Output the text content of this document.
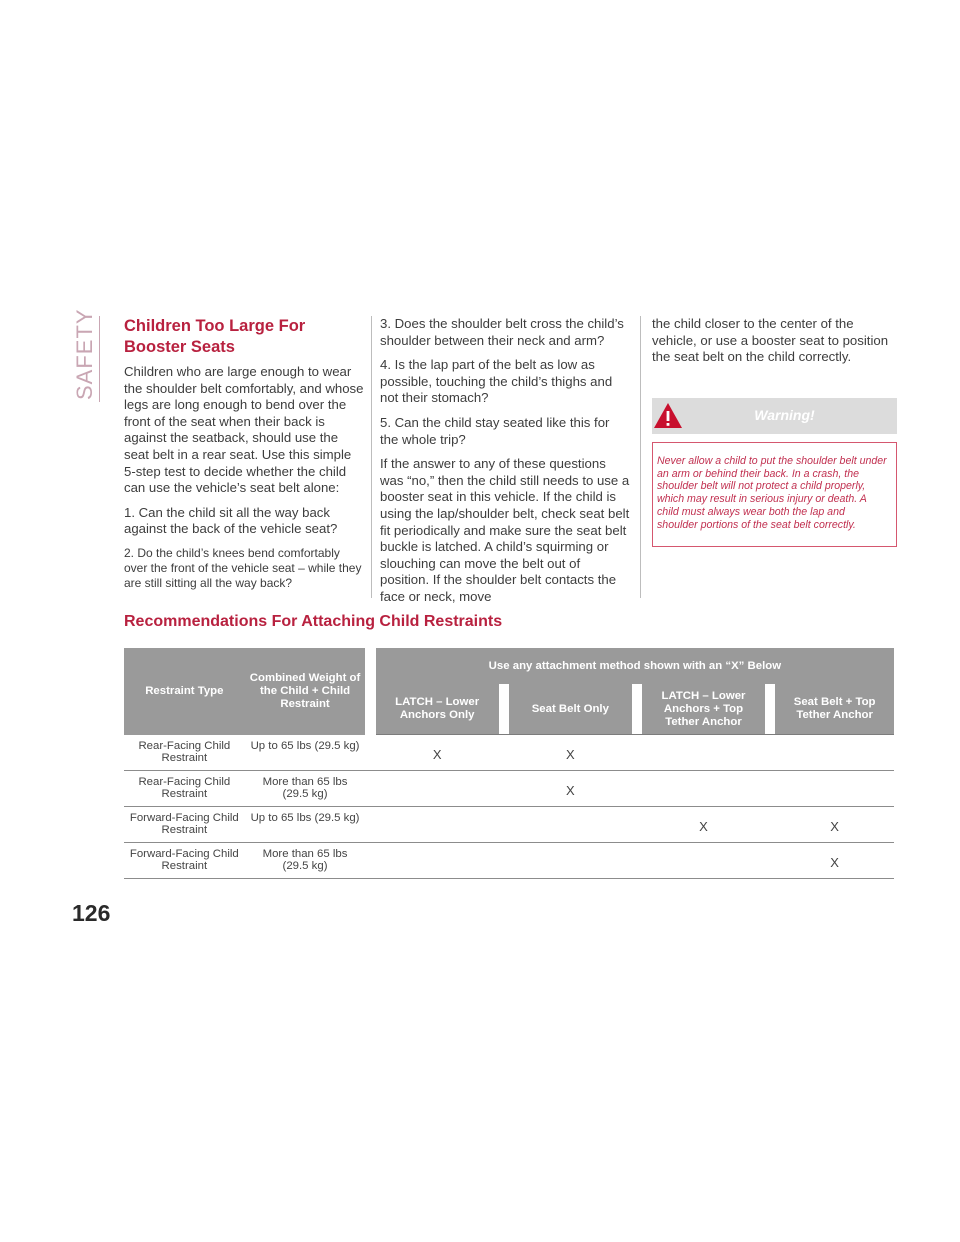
SAFETY Children Too Large For Booster Seats

Children who are large enough to wear the shoulder belt comfortably, and whose legs are long enough to bend over the front of the seat when their back is against the seatback, should use the seat belt in a rear seat. Use this simple 5-step test to decide whether the child can use the vehicle’s seat belt alone:

1. Can the child sit all the way back against the back of the vehicle seat?

2. Do the child’s knees bend comfortably over the front of the vehicle seat – while they are still sitting all the way back?

3. Does the shoulder belt cross the child’s shoulder between their neck and arm?

4. Is the lap part of the belt as low as possible, touching the child’s thighs and not their stomach?

5. Can the child stay seated like this for the whole trip?

If the answer to any of these questions was “no,” then the child still needs to use a booster seat in this vehicle. If the child is using the lap/shoulder belt, check seat belt fit periodically and make sure the seat belt buckle is latched. A child’s squirming or slouching can move the belt out of position. If the shoulder belt contacts the face or neck, move

the child closer to the center of the vehicle, or use a booster seat to position the seat belt on the child correctly.

Warning!
Never allow a child to put the shoulder belt under an arm or behind their back. In a crash, the shoulder belt will not protect a child properly, which may result in serious injury or death. A child must always wear both the lap and shoulder portions of the seat belt correctly.
Recommendations For Attaching Child Restraints
Restraint Type	Combined Weight of the Child + Child Restraint		Use any attachment method shown with an “X” Below						
			LATCH – Lower Anchors Only		Seat Belt Only		LATCH – Lower Anchors + Top Tether Anchor		Seat Belt + Top Tether Anchor
Rear-Facing Child Restraint	Up to 65 lbs (29.5 kg)		X		X				
Rear-Facing Child Restraint	More than 65 lbs (29.5 kg)				X				
Forward-Facing Child Restraint	Up to 65 lbs (29.5 kg)						X		X
Forward-Facing Child Restraint	More than 65 lbs (29.5 kg)								X
126
